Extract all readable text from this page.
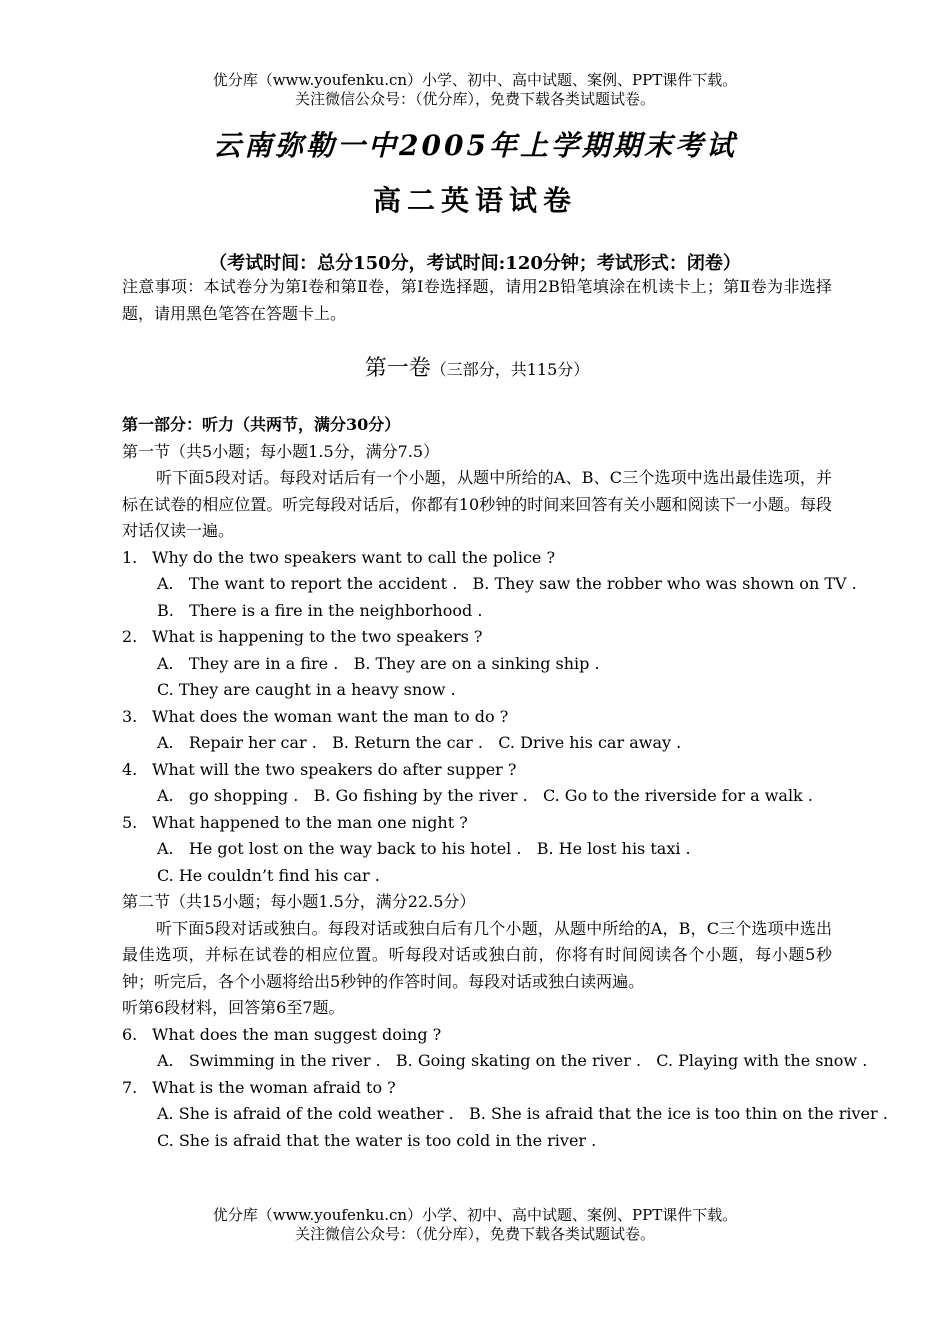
优分库（www.youfenku.cn）小学、初中、高中试题、案例、PPT课件下载。
关注微信公众号：（优分库），免费下载各类试题试卷。
云南弥勒一中2005年上学期期末考试
高二英语试卷
（考试时间：总分150分，考试时间:120分钟；考试形式：闭卷）

注意事项：本试卷分为第Ⅰ卷和第Ⅱ卷，第Ⅰ卷选择题，请用2B铅笔填涂在机读卡上；第Ⅱ卷为非选择题，请用黑色笔答在答题卡上。

第一卷（三部分，共115分）

第一部分：听力（共两节，满分30分）

第一节（共5小题；每小题1.5分，满分7.5）

听下面5段对话。每段对话后有一个小题，从题中所给的A、B、C三个选项中选出最佳选项，并标在试卷的相应位置。听完每段对话后，你都有10秒钟的时间来回答有关小题和阅读下一小题。每段对话仅读一遍。

1. Why do the two speakers want to call the police ?
A.   The want to report the accident .   B. They saw the robber who was shown on TV .
B.   There is a fire in the neighborhood .
2. What is happening to the two speakers ?
A.   They are in a fire .   B. They are on a sinking ship .
C. They are caught in a heavy snow .
3. What does the woman want the man to do ?
A.   Repair her car .   B. Return the car .   C. Drive his car away .
4. What will the two speakers do after supper ?
A.   go shopping .   B. Go fishing by the river .   C. Go to the riverside for a walk .
5. What happened to the man one night ?
A.   He got lost on the way back to his hotel .   B. He lost his taxi .
C. He couldn’t find his car .

第二节（共15小题；每小题1.5分，满分22.5分）

听下面5段对话或独白。每段对话或独白后有几个小题，从题中所给的A，B，C三个选项中选出最佳选项，并标在试卷的相应位置。听每段对话或独白前，你将有时间阅读各个小题，每小题5秒钟；听完后，各个小题将给出5秒钟的作答时间。每段对话或独白读两遍。

听第6段材料，回答第6至7题。

6. What does the man suggest doing ?
A.   Swimming in the river .   B. Going skating on the river .   C. Playing with the snow .
7. What is the woman afraid to ?
A. She is afraid of the cold weather .   B. She is afraid that the ice is too thin on the river .
C. She is afraid that the water is too cold in the river .
优分库（www.youfenku.cn）小学、初中、高中试题、案例、PPT课件下载。
关注微信公众号：（优分库），免费下载各类试题试卷。
